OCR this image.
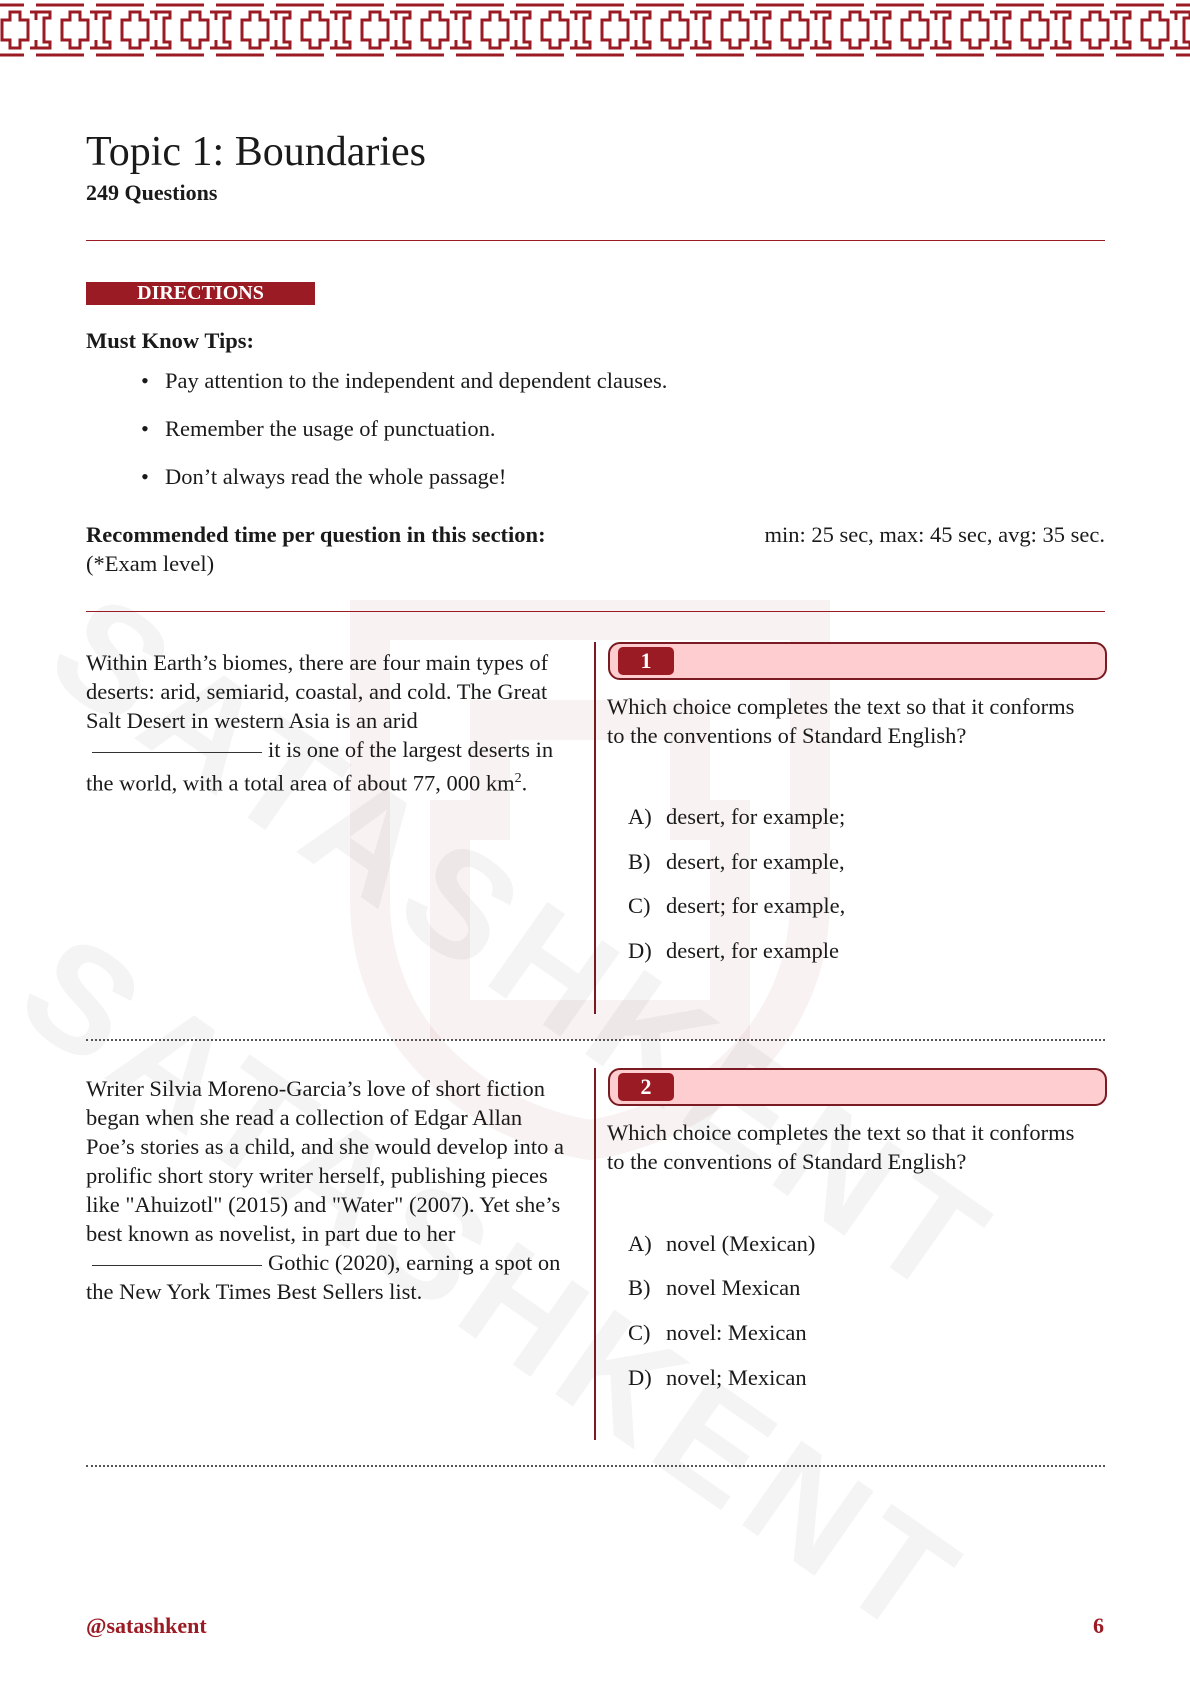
Topic 1: Boundaries
249 Questions
DIRECTIONS
Must Know Tips:
• Pay attention to the independent and dependent clauses.
• Remember the usage of punctuation.
• Don’t always read the whole passage!
Recommended time per question in this section:	min: 25 sec, max: 45 sec, avg: 35 sec.
(*Exam level)
Within Earth’s biomes, there are four main types of deserts: arid, semiarid, coastal, and cold. The Great Salt Desert in western Asia is an aridit is one of the largest deserts in the world, with a total area of about 77, 000 $km^2$.
1
Which choice completes the text so that it conforms to the conventions of Standard English?
A) desert, for example;
B) desert, for example,
C) desert; for example,
D) desert, for example
Writer Silvia Moreno-Garcia’s love of short fiction began when she read a collection of Edgar Allan Poe’s stories as a child, and she would develop into a prolific short story writer herself, publishing pieces like "Ahuizotl" (2015) and "Water" (2007). Yet she’s best known as novelist, in part due to herGothic (2020), earning a spot on the New York Times Best Sellers list.
2
Which choice completes the text so that it conforms to the conventions of Standard English?
A) novel (Mexican)
B) novel Mexican
C) novel: Mexican
D) novel; Mexican
@satashkent	6
